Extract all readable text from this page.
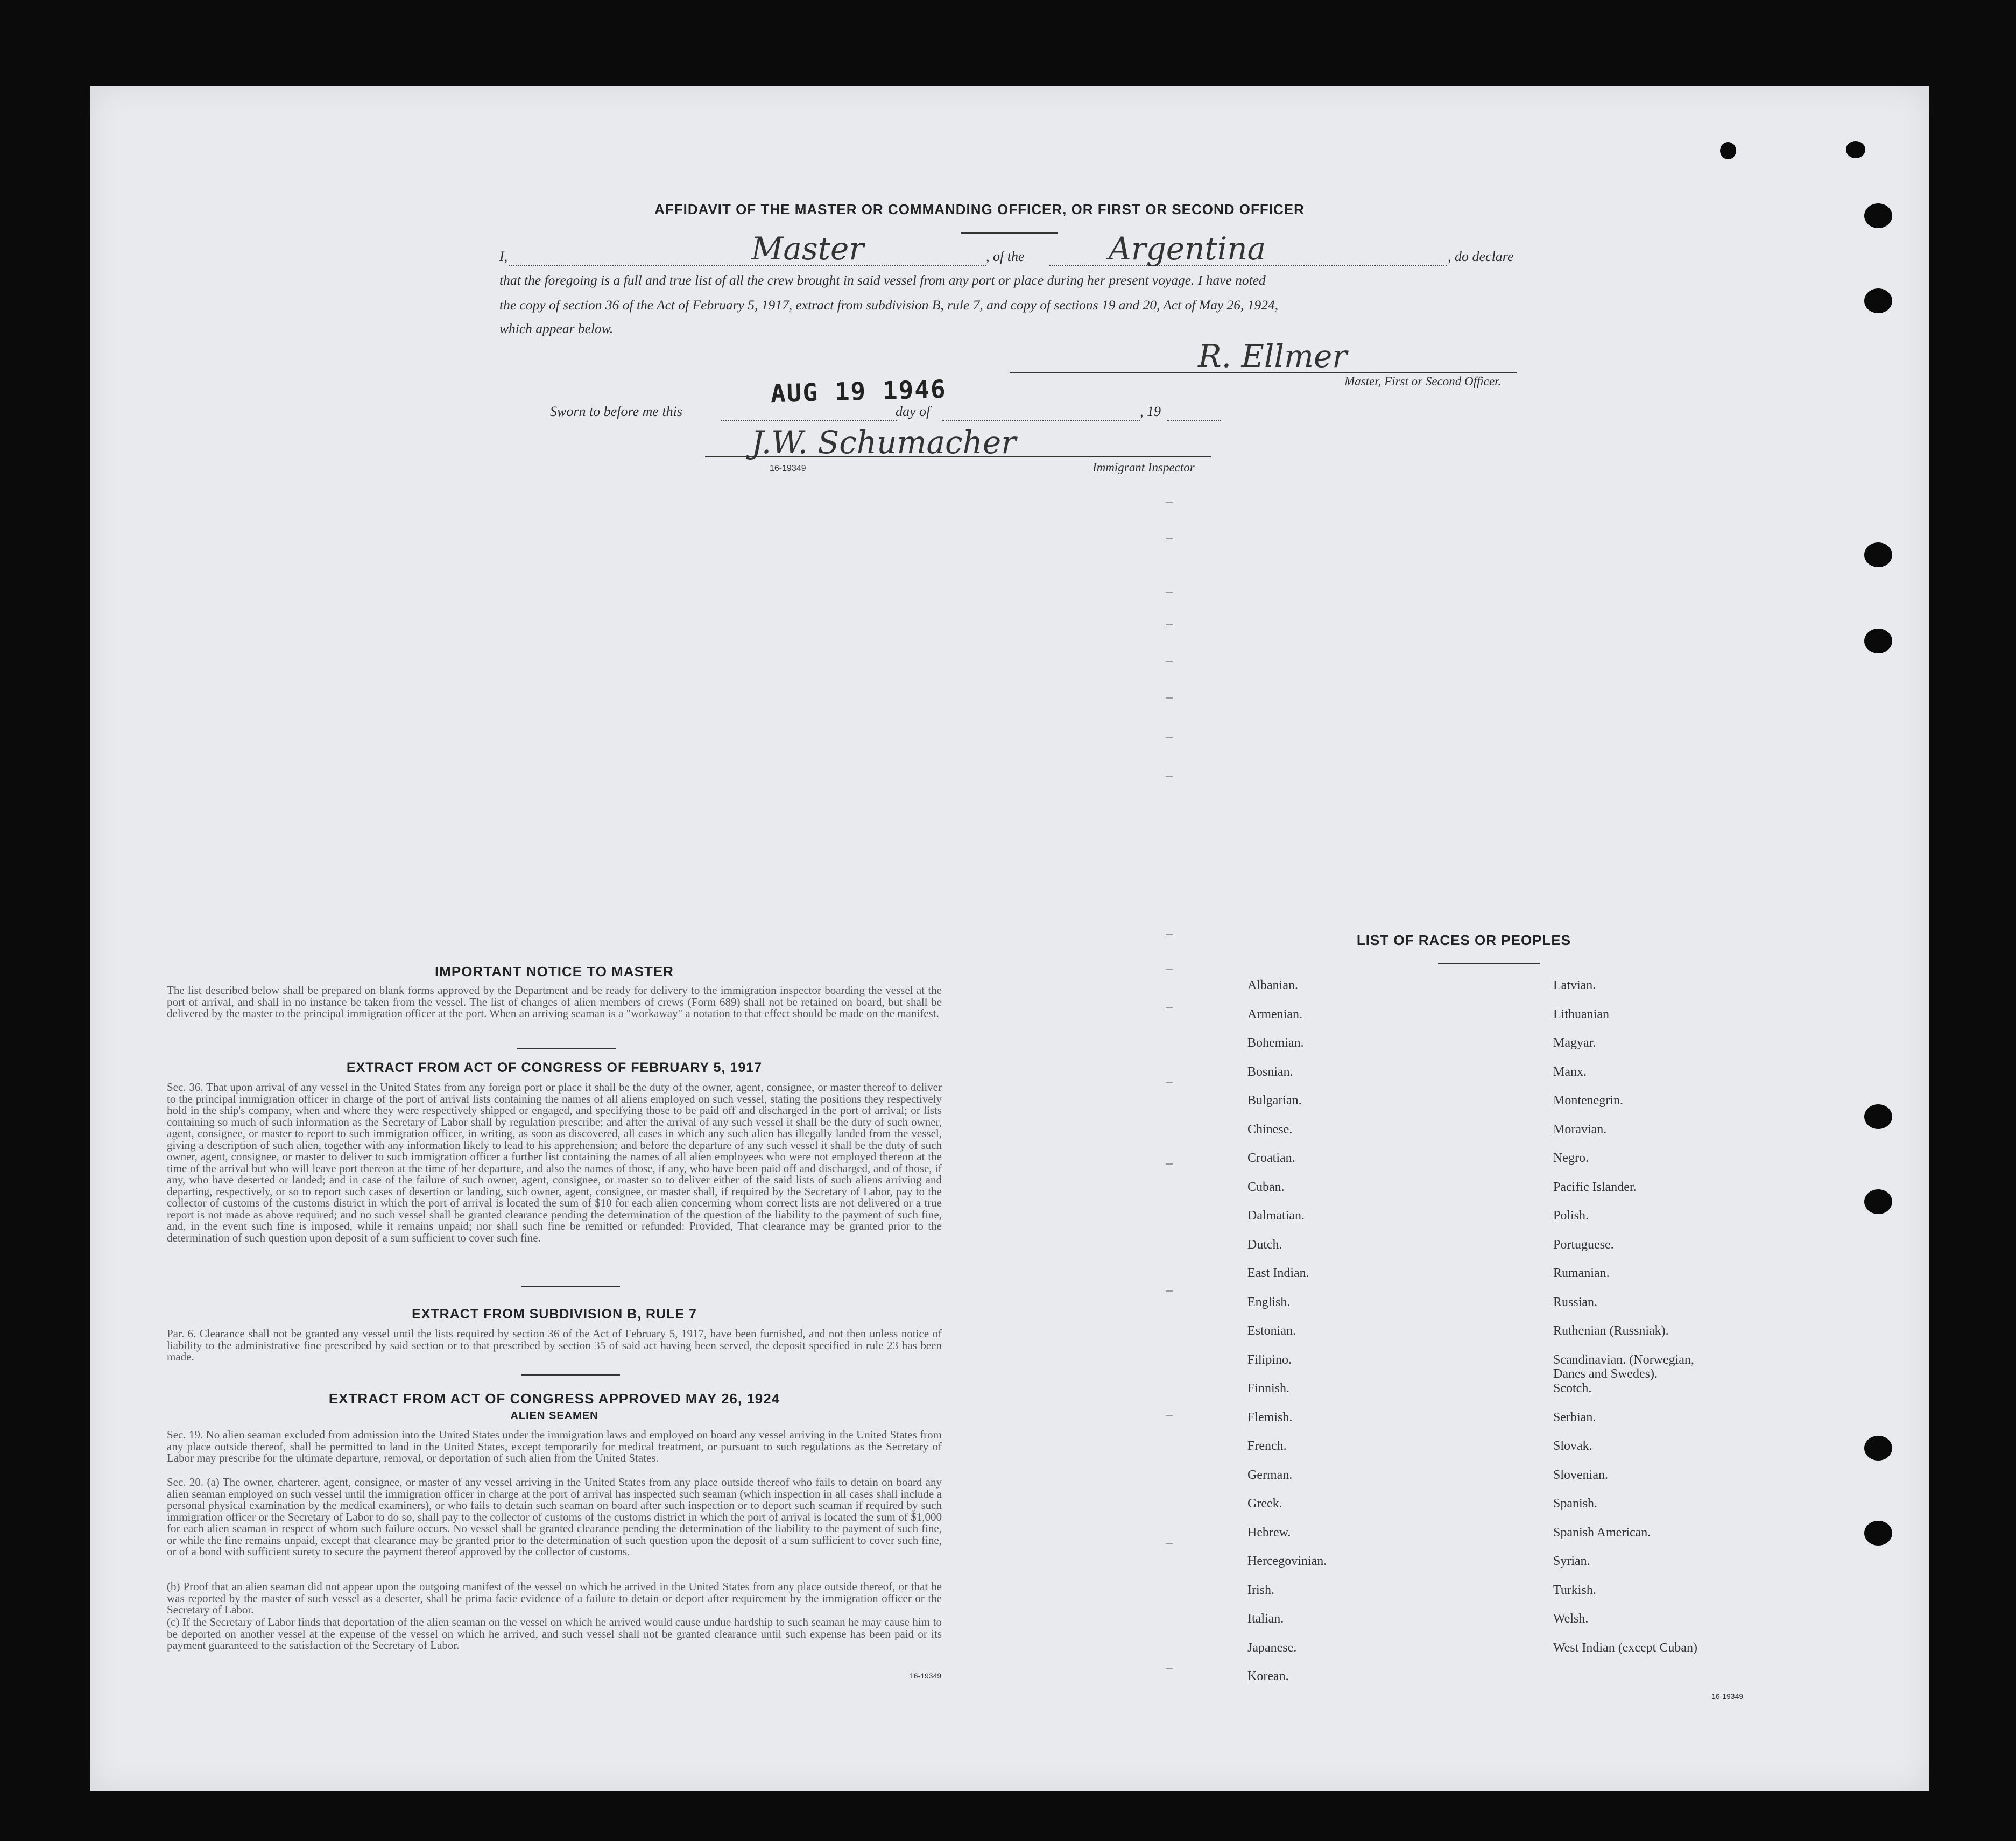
AFFIDAVIT OF THE MASTER OR COMMANDING OFFICER, OR FIRST OR SECOND OFFICER
I,	Master	, of the	Argentina	, do declare
that the foregoing is a full and true list of all the crew brought in said vessel from any port or place during her present voyage. I have noted
the copy of section 36 of the Act of February 5, 1917, extract from subdivision B, rule 7, and copy of sections 19 and 20, Act of May 26, 1924,
which appear below.
R. Ellmer
Master, First or Second Officer.
Sworn to before me this
AUG 19 1946
day of	, 19
J.W. Schumacher
16-19349	Immigrant Inspector
IMPORTANT NOTICE TO MASTER
The list described below shall be prepared on blank forms approved by the Department and be ready for delivery to the immigration inspector boarding the vessel at the port of arrival, and shall in no instance be taken from the vessel. The list of changes of alien members of crews (Form 689) shall not be retained on board, but shall be delivered by the master to the principal immigration officer at the port. When an arriving seaman is a "workaway" a notation to that effect should be made on the manifest.
EXTRACT FROM ACT OF CONGRESS OF FEBRUARY 5, 1917
Sec. 36. That upon arrival of any vessel in the United States from any foreign port or place it shall be the duty of the owner, agent, consignee, or master thereof to deliver to the principal immigration officer in charge of the port of arrival lists containing the names of all aliens employed on such vessel, stating the positions they respectively hold in the ship's company, when and where they were respectively shipped or engaged, and specifying those to be paid off and discharged in the port of arrival; or lists containing so much of such information as the Secretary of Labor shall by regulation prescribe; and after the arrival of any such vessel it shall be the duty of such owner, agent, consignee, or master to report to such immigration officer, in writing, as soon as discovered, all cases in which any such alien has illegally landed from the vessel, giving a description of such alien, together with any information likely to lead to his apprehension; and before the departure of any such vessel it shall be the duty of such owner, agent, consignee, or master to deliver to such immigration officer a further list containing the names of all alien employees who were not employed thereon at the time of the arrival but who will leave port thereon at the time of her departure, and also the names of those, if any, who have been paid off and discharged, and of those, if any, who have deserted or landed; and in case of the failure of such owner, agent, consignee, or master so to deliver either of the said lists of such aliens arriving and departing, respectively, or so to report such cases of desertion or landing, such owner, agent, consignee, or master shall, if required by the Secretary of Labor, pay to the collector of customs of the customs district in which the port of arrival is located the sum of $10 for each alien concerning whom correct lists are not delivered or a true report is not made as above required; and no such vessel shall be granted clearance pending the determination of the question of the liability to the payment of such fine, and, in the event such fine is imposed, while it remains unpaid; nor shall such fine be remitted or refunded: Provided, That clearance may be granted prior to the determination of such question upon deposit of a sum sufficient to cover such fine.
EXTRACT FROM SUBDIVISION B, RULE 7
Par. 6. Clearance shall not be granted any vessel until the lists required by section 36 of the Act of February 5, 1917, have been furnished, and not then unless notice of liability to the administrative fine prescribed by said section or to that prescribed by section 35 of said act having been served, the deposit specified in rule 23 has been made.
EXTRACT FROM ACT OF CONGRESS APPROVED MAY 26, 1924
ALIEN SEAMEN
Sec. 19. No alien seaman excluded from admission into the United States under the immigration laws and employed on board any vessel arriving in the United States from any place outside thereof, shall be permitted to land in the United States, except temporarily for medical treatment, or pursuant to such regulations as the Secretary of Labor may prescribe for the ultimate departure, removal, or deportation of such alien from the United States.
Sec. 20. (a) The owner, charterer, agent, consignee, or master of any vessel arriving in the United States from any place outside thereof who fails to detain on board any alien seaman employed on such vessel until the immigration officer in charge at the port of arrival has inspected such seaman (which inspection in all cases shall include a personal physical examination by the medical examiners), or who fails to detain such seaman on board after such inspection or to deport such seaman if required by such immigration officer or the Secretary of Labor to do so, shall pay to the collector of customs of the customs district in which the port of arrival is located the sum of $1,000 for each alien seaman in respect of whom such failure occurs. No vessel shall be granted clearance pending the determination of the liability to the payment of such fine, or while the fine remains unpaid, except that clearance may be granted prior to the determination of such question upon the deposit of a sum sufficient to cover such fine, or of a bond with sufficient surety to secure the payment thereof approved by the collector of customs.
(b) Proof that an alien seaman did not appear upon the outgoing manifest of the vessel on which he arrived in the United States from any place outside thereof, or that he was reported by the master of such vessel as a deserter, shall be prima facie evidence of a failure to detain or deport after requirement by the immigration officer or the Secretary of Labor.
(c) If the Secretary of Labor finds that deportation of the alien seaman on the vessel on which he arrived would cause undue hardship to such seaman he may cause him to be deported on another vessel at the expense of the vessel on which he arrived, and such vessel shall not be granted clearance until such expense has been paid or its payment guaranteed to the satisfaction of the Secretary of Labor.
16-19349
LIST OF RACES OR PEOPLES
Albanian.
Armenian.
Bohemian.
Bosnian.
Bulgarian.
Chinese.
Croatian.
Cuban.
Dalmatian.
Dutch.
East Indian.
English.
Estonian.
Filipino.
Finnish.
Flemish.
French.
German.
Greek.
Hebrew.
Hercegovinian.
Irish.
Italian.
Japanese.
Korean.
Latvian.
Lithuanian
Magyar.
Manx.
Montenegrin.
Moravian.
Negro.
Pacific Islander.
Polish.
Portuguese.
Rumanian.
Russian.
Ruthenian (Russniak).
Scandinavian. (Norwegian,
Danes and Swedes).
Scotch.
Serbian.
Slovak.
Slovenian.
Spanish.
Spanish American.
Syrian.
Turkish.
Welsh.
West Indian (except Cuban)
16-19349
